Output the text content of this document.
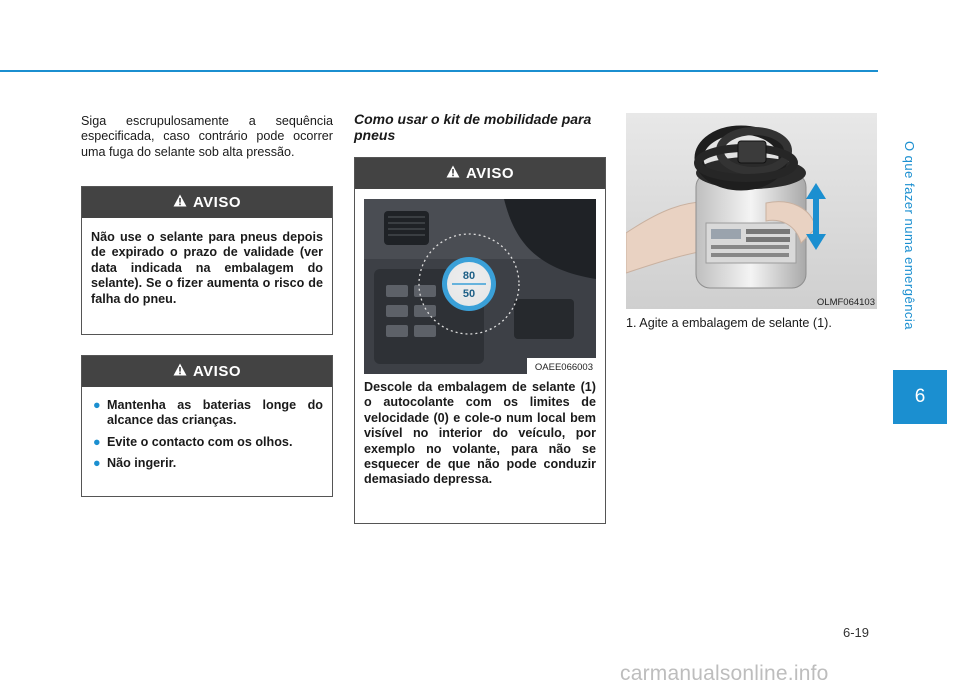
O que fazer numa emergência
6

Siga escrupulosamente a sequência especificada, caso contrário pode ocorrer uma fuga do selante sob alta pressão.

AVISO
Não use o selante para pneus depois de expirado o prazo de validade (ver data indicada na embalagem do selante). Se o fizer aumenta o risco de falha do pneu.
AVISO
● Mantenha as baterias longe do alcance das crianças.
● Evite o contacto com os olhos.
● Não ingerir.

Como usar o kit de mobilidade para pneus

AVISO
80
50
OAEE066003
Descole da embalagem de selante (1) o autocolante com os limites de velocidade (0) e cole-o num local bem visível no interior do veículo, por exemplo no volante, para não se esquecer de que não pode conduzir demasiado depressa.
OLMF064103

1. Agite a embalagem de selante (1).

6-19
carmanualsonline.info
